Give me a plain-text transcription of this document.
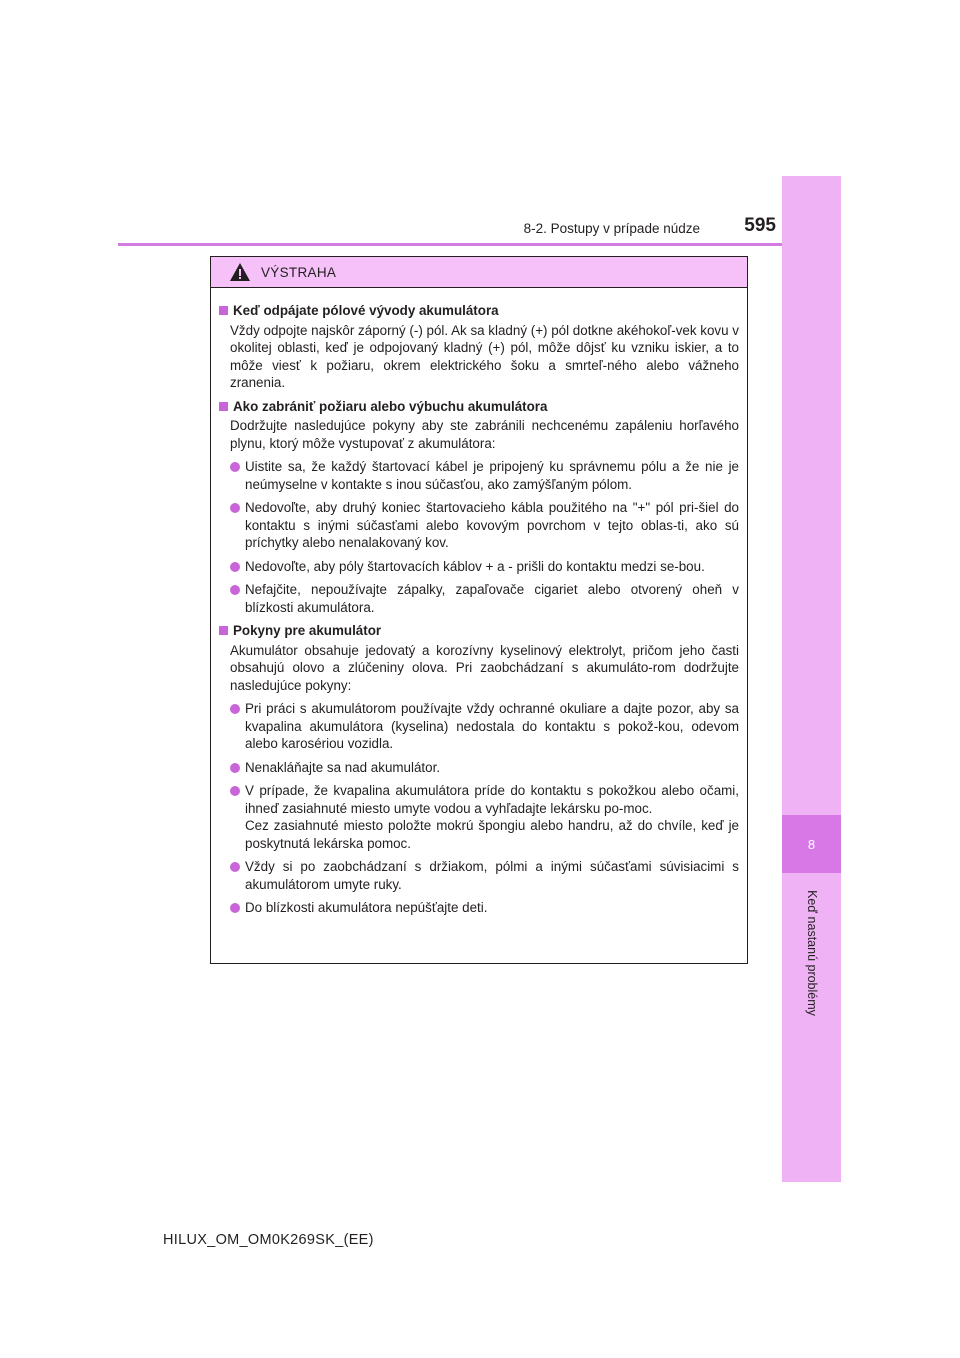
8
Keď nastanú problémy
8-2. Postupy v prípade núdze	595
VÝSTRAHA
Keď odpájate pólové vývody akumulátora
Vždy odpojte najskôr záporný (-) pól. Ak sa kladný (+) pól dotkne akéhokoľ-vek kovu v okolitej oblasti, keď je odpojovaný kladný (+) pól, môže dôjsť ku vzniku iskier, a to môže viesť k požiaru, okrem elektrického šoku a smrteľ-ného alebo vážneho zranenia.
Ako zabrániť požiaru alebo výbuchu akumulátora
Dodržujte nasledujúce pokyny aby ste zabránili nechcenému zapáleniu horľavého plynu, ktorý môže vystupovať z akumulátora:
Uistite sa, že každý štartovací kábel je pripojený ku správnemu pólu a že nie je neúmyselne v kontakte s inou súčasťou, ako zamýšľaným pólom.
Nedovoľte, aby druhý koniec štartovacieho kábla použitého na "+" pól pri-šiel do kontaktu s inými súčasťami alebo kovovým povrchom v tejto oblas-ti, ako sú príchytky alebo nenalakovaný kov.
Nedovoľte, aby póly štartovacích káblov + a - prišli do kontaktu medzi se-bou.
Nefajčite, nepoužívajte zápalky, zapaľovače cigariet alebo otvorený oheň v blízkosti akumulátora.
Pokyny pre akumulátor
Akumulátor obsahuje jedovatý a korozívny kyselinový elektrolyt, pričom jeho časti obsahujú olovo a zlúčeniny olova. Pri zaobchádzaní s akumuláto-rom dodržujte nasledujúce pokyny:
Pri práci s akumulátorom používajte vždy ochranné okuliare a dajte pozor, aby sa kvapalina akumulátora (kyselina) nedostala do kontaktu s pokož-kou, odevom alebo karosériou vozidla.
Nenakláňajte sa nad akumulátor.
V prípade, že kvapalina akumulátora príde do kontaktu s pokožkou alebo očami, ihneď zasiahnuté miesto umyte vodou a vyhľadajte lekársku po-moc.
Cez zasiahnuté miesto položte mokrú špongiu alebo handru, až do chvíle, keď je poskytnutá lekárska pomoc.
Vždy si po zaobchádzaní s držiakom, pólmi a inými súčasťami súvisiacimi s akumulátorom umyte ruky.
Do blízkosti akumulátora nepúšťajte deti.
HILUX_OM_OM0K269SK_(EE)
